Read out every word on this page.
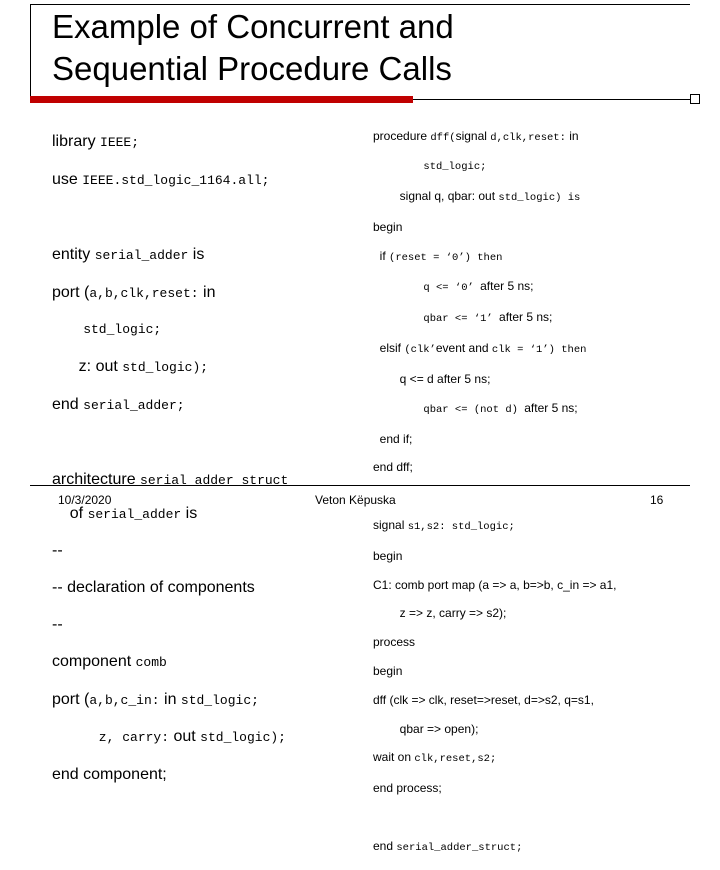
Example of Concurrent and
Sequential Procedure Calls

library IEEE;

use IEEE.std_logic_1164.all;

entity serial_adder is

port (a,b,clk,reset: in

std_logic;

z: out std_logic);

end serial_adder;

architecture serial_adder_struct

of serial_adder is

--

-- declaration of components

--

component comb

port (a,b,c_in: in std_logic;

z, carry: out std_logic);

end component;

procedure dff(signal d,clk,reset: in

std_logic;

signal q, qbar: out std_logic) is

begin

if (reset = ‘0’) then

q <= ‘0’ after 5 ns;

qbar <= ‘1’ after 5 ns;

elsif (clk’event and clk = ‘1’) then

q <= d after 5 ns;

qbar <= (not d) after 5 ns;

end if;

end dff;

signal s1,s2: std_logic;

begin

C1: comb port map (a => a, b=>b, c_in => a1,

z => z, carry => s2);

process

begin

dff (clk => clk, reset=>reset, d=>s2, q=s1,

qbar => open);

wait on clk,reset,s2;

end process;

end serial_adder_struct;

10/3/2020	Veton Këpuska	16
